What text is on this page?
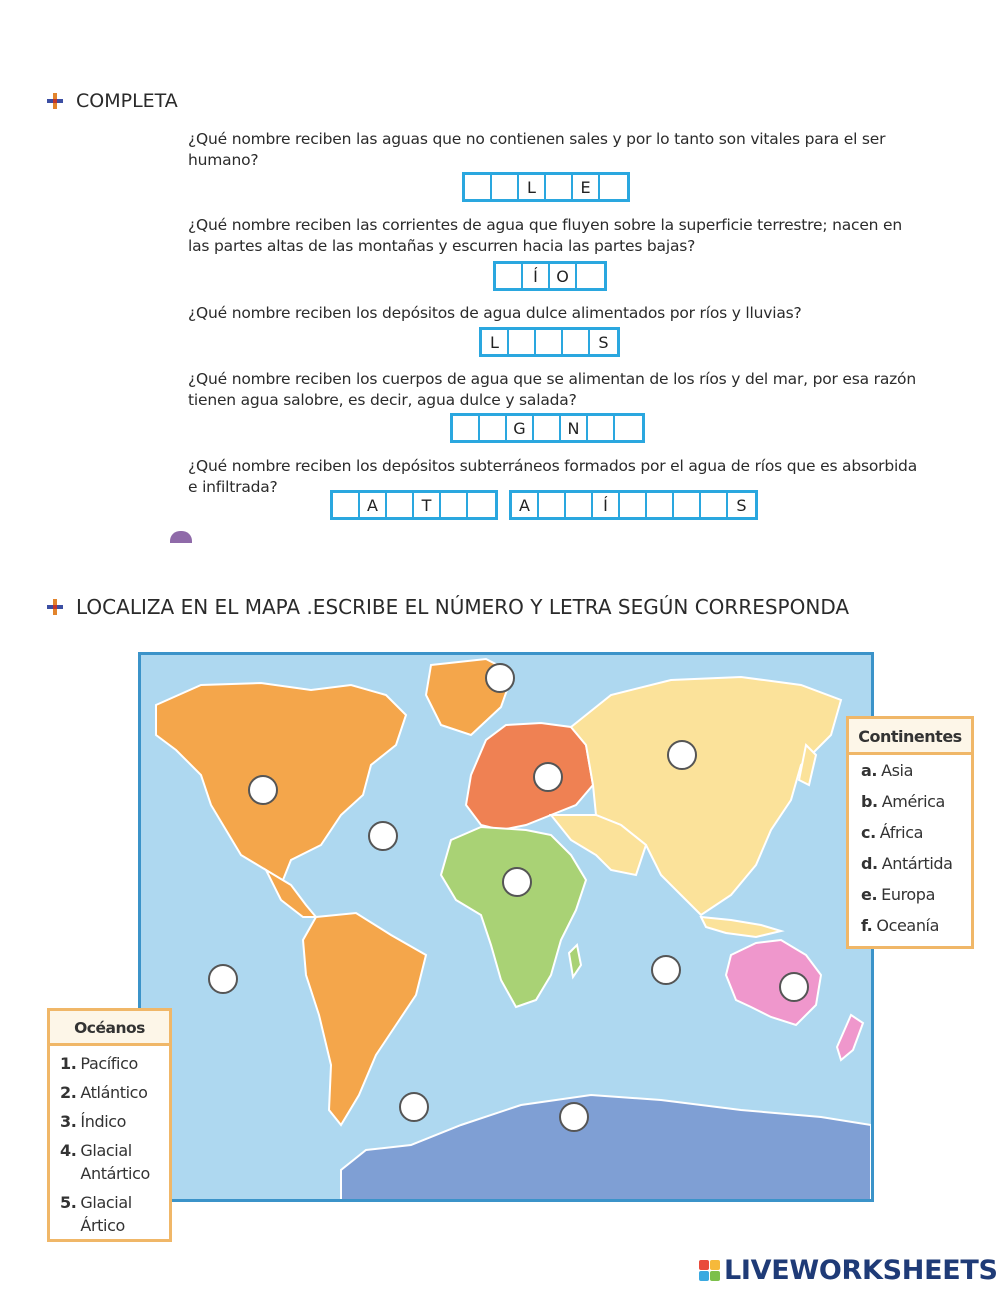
COMPLETA
¿Qué nombre reciben las aguas que no contienen sales y por lo tanto son vitales para el ser humano?
L	E
¿Qué nombre reciben las corrientes de agua que fluyen sobre la superficie terrestre; nacen en las partes altas de las montañas y escurren hacia las partes bajas?
Í	O
¿Qué nombre reciben los depósitos de agua dulce alimentados por ríos y lluvias?
L	S
¿Qué nombre reciben los cuerpos de agua que se alimentan de los ríos y del mar, por esa razón tienen agua salobre, es decir, agua dulce y salada?
G	N
¿Qué nombre reciben los depósitos subterráneos formados por el agua de ríos que es absorbida e infiltrada?
A	T	A	Í	S
LOCALIZA EN EL MAPA .ESCRIBE EL NÚMERO Y LETRA SEGÚN CORRESPONDA
Continentes
a. Asia
b. América
c. África
d. Antártida
e. Europa
f. Oceanía
Océanos
1. Pacífico
2. Atlántico
3. Índico
4. Glacial Antártico
5. Glacial Ártico
LIVEWORKSHEETS
